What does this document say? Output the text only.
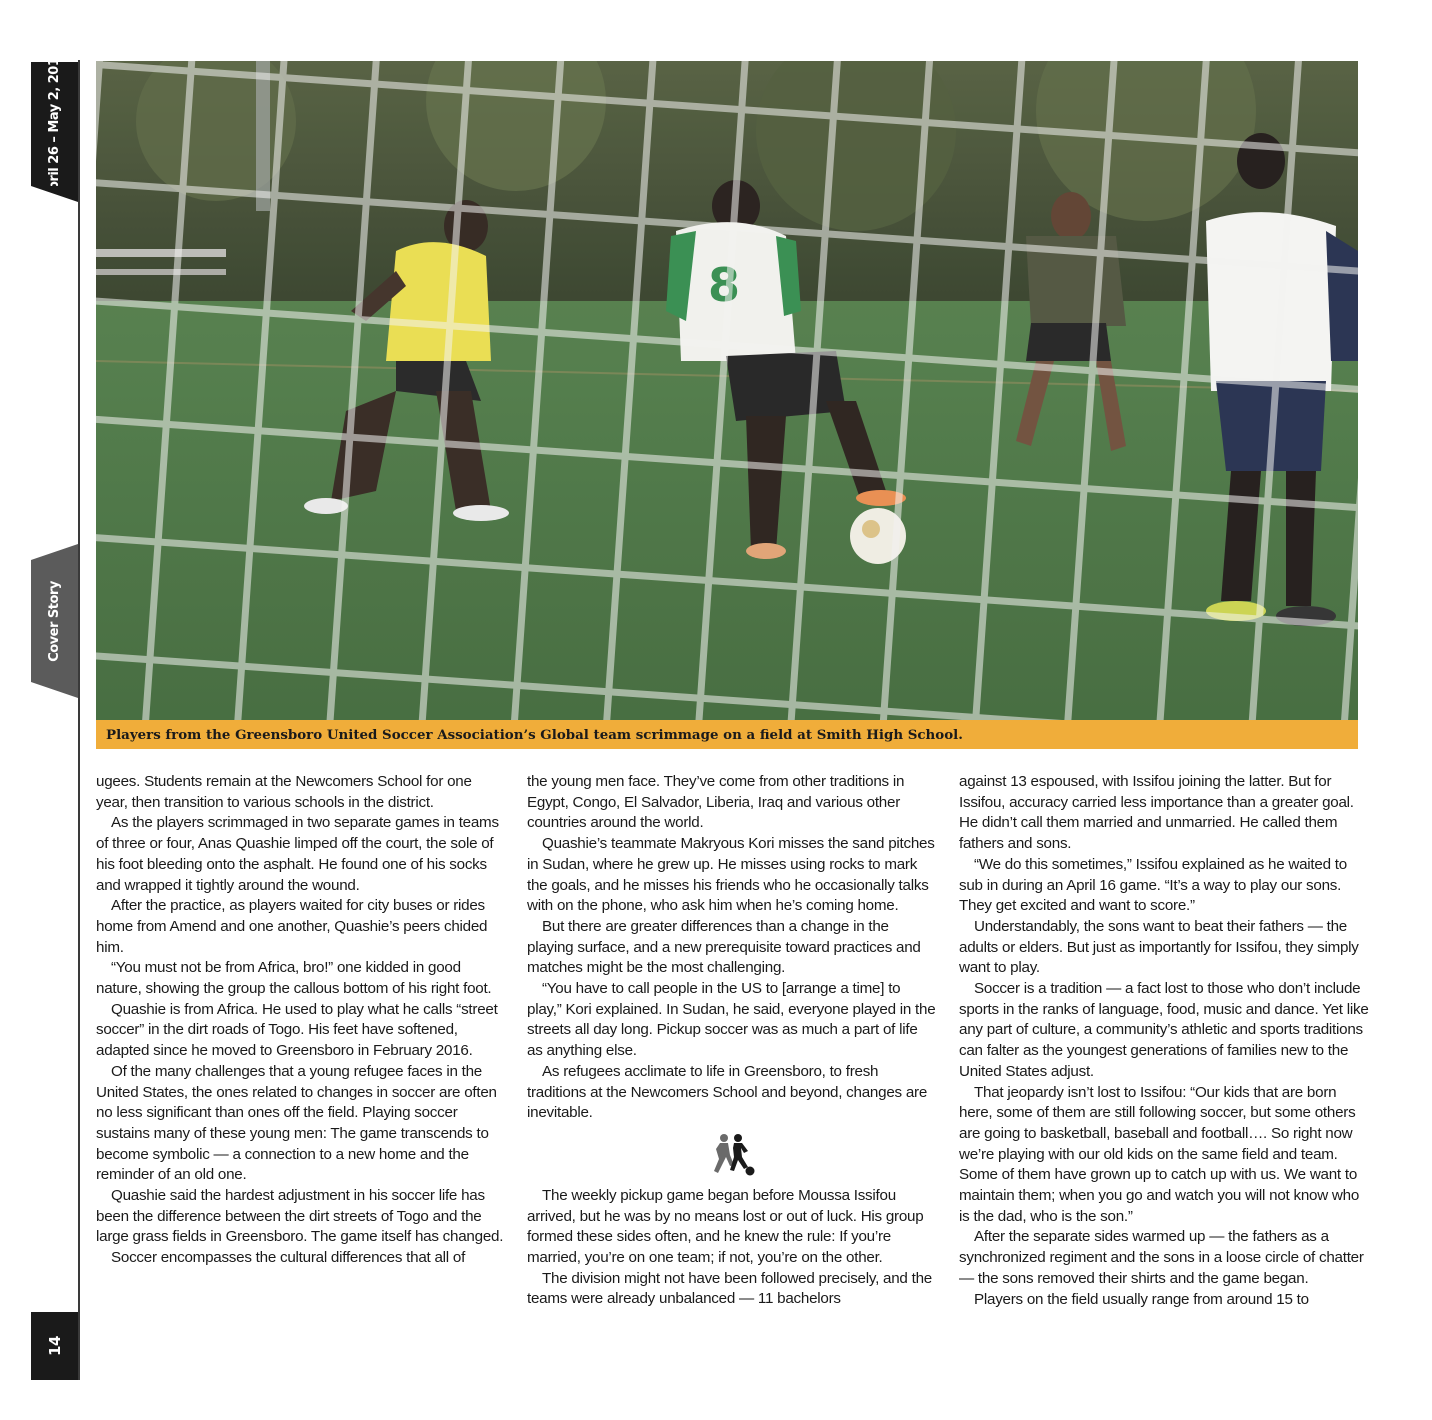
April 26 – May 2, 2017
Cover Story
14
Players from the Greensboro United Soccer Association’s Global team scrimmage on a field at Smith High School.

ugees. Students remain at the Newcomers School for one year, then transition to various schools in the district.

As the players scrimmaged in two separate games in teams of three or four, Anas Quashie limped off the court, the sole of his foot bleeding onto the asphalt. He found one of his socks and wrapped it tightly around the wound.

After the practice, as players waited for city buses or rides home from Amend and one another, Quashie’s peers chided him.

“You must not be from Africa, bro!” one kidded in good nature, showing the group the callous bottom of his right foot.

Quashie is from Africa. He used to play what he calls “street soccer” in the dirt roads of Togo. His feet have softened, adapted since he moved to Greensboro in February 2016.

Of the many challenges that a young refugee faces in the United States, the ones related to changes in soccer are often no less significant than ones off the field. Playing soccer sustains many of these young men: The game transcends to become symbolic — a connection to a new home and the reminder of an old one.

Quashie said the hardest adjustment in his soccer life has been the difference between the dirt streets of Togo and the large grass fields in Greensboro. The game itself has changed.

Soccer encompasses the cultural differences that all of

the young men face. They’ve come from other traditions in Egypt, Congo, El Salvador, Liberia, Iraq and various other countries around the world.

Quashie’s teammate Makryous Kori misses the sand pitches in Sudan, where he grew up. He misses using rocks to mark the goals, and he misses his friends who he occasionally talks with on the phone, who ask him when he’s coming home.

But there are greater differences than a change in the playing surface, and a new prerequisite toward practices and matches might be the most challenging.

“You have to call people in the US to [arrange a time] to play,” Kori explained. In Sudan, he said, everyone played in the streets all day long. Pickup soccer was as much a part of life as anything else.

As refugees acclimate to life in Greensboro, to fresh traditions at the Newcomers School and beyond, changes are inevitable.

The weekly pickup game began before Moussa Issifou arrived, but he was by no means lost or out of luck. His group formed these sides often, and he knew the rule: If you’re married, you’re on one team; if not, you’re on the other.

The division might not have been followed precisely, and the teams were already unbalanced — 11 bachelors

against 13 espoused, with Issifou joining the latter. But for Issifou, accuracy carried less importance than a greater goal. He didn’t call them married and unmarried. He called them fathers and sons.

“We do this sometimes,” Issifou explained as he waited to sub in during an April 16 game. “It’s a way to play our sons. They get excited and want to score.”

Understandably, the sons want to beat their fathers — the adults or elders. But just as importantly for Issifou, they simply want to play.

Soccer is a tradition — a fact lost to those who don’t include sports in the ranks of language, food, music and dance. Yet like any part of culture, a community’s athletic and sports traditions can falter as the youngest generations of families new to the United States adjust.

That jeopardy isn’t lost to Issifou: “Our kids that are born here, some of them are still following soccer, but some others are going to basketball, baseball and football…. So right now we’re playing with our old kids on the same field and team. Some of them have grown up to catch up with us. We want to maintain them; when you go and watch you will not know who is the dad, who is the son.”

After the separate sides warmed up — the fathers as a synchronized regiment and the sons in a loose circle of chatter — the sons removed their shirts and the game began.

Players on the field usually range from around 15 to
